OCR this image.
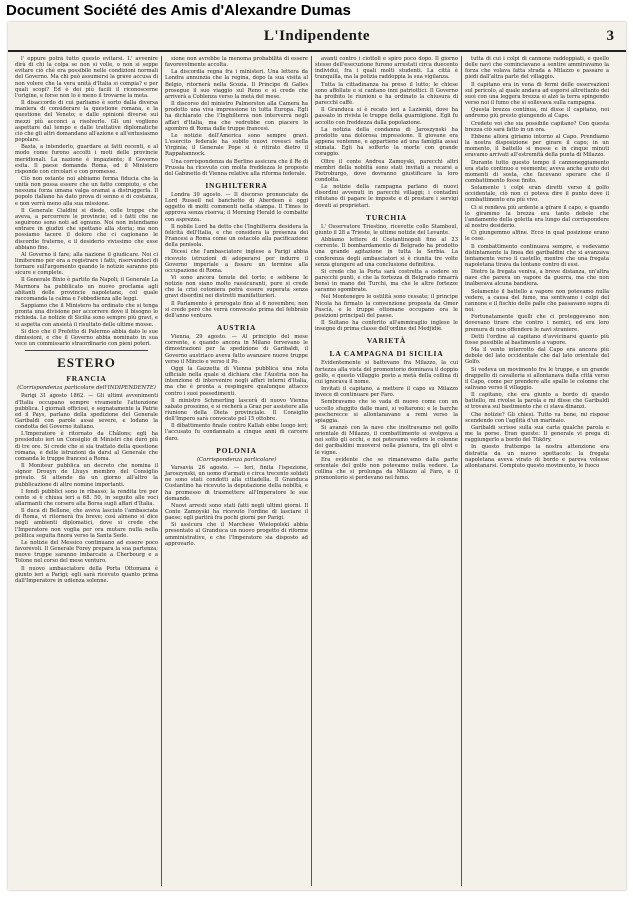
Document Société des Amis d'Alexandre Dumas
L'Indipendente	3

l' eppure potrà tutto questo evitarsi. L' avvenire dirà di chi la colpa se non si volle, o non si seppe evitare ciò chè era possibile nelle condizioni normali del Governo. Ma chi può assumersi la grave accusa di non volere che la vera unità d'Italia si compia? e per quali scopi? Ed è dei più facili il riconoscerne l'origine, e forse non lo è meno il trovarne la meta.

Il disaccordo di cui parliamo è sorto dalla diversa maniera di considerare la questione romana, e la questione del Veneto; e dalle opinioni diverse sui mezzi più acconci a risolverle. Gli uni vogliono aspettare dal tempo e dalle trattative diplomatiche ciò che gli altri domandano all'azione e all'entusiasmo popolare.

Basta, a intenderlo, guardare ai fatti recenti, e al modo come furono accolti i moti delle provincie meridionali. La nazione è impaziente; il Governo esita. Il paese domanda Roma, ed il Ministero risponde con circolari e con promesse.

Ciò non ostante noi abbiamo ferma fiducia che la unità non possa essere che un fatto compiuto, e che nessuna forza umana valga oramai a distruggerla. Il popolo italiano ha dato prova di senno e di costanza, e non verrà meno alla sua missione.

Il Generale Cialdini si diede, colle truppe che aveva, a percorrere le provincie; ed i fatti che ne seguirono sono noti ad ognuno. Noi non intendiamo entrare in giudizi che spettano alla storia; ma non possiamo tacere il dolore che ci cagionano le discordie fraterne, e il desiderio vivissimo che esse abbiano fine.

Al Governo il fare; alla nazione il giudicare. Noi ci limiteremo per ora a registrare i fatti, riservandoci di tornare sull'argomento quando le notizie saranno più sicure e complete.

Il Generale Bixio è partito da Napoli; il Generale La Marmora ha pubblicato un nuovo proclama agli abitanti delle provincie napoletane, col quale raccomanda la calma e l'obbedienza alle leggi.

Sappiamo che il Ministero ha ordinato che si tenga pronta una divisione per accorrere dove il bisogno lo richieda. Le notizie di Sicilia sono sempre più gravi, e si aspetta con ansietà il risultato delle ultime mosse.

Si dice che il Prefetto di Palermo abbia dato le sue dimissioni, e che il Governo abbia nominato in sua vece un commissario straordinario con pieni poteri.

ESTERO
FRANCIA
(Corrispondenza particolare dell'INDIPENDENTE)

Parigi 31 agosto 1862. — Gli ultimi avvenimenti d'Italia occupano sempre vivamente l'attenzione pubblica. I giornali officiosi, e segnatamente la Patrie ed il Pays, parlano della spedizione del Generale Garibaldi con parole assai severe, e lodano la condotta del Governo italiano.

L'Imperatore è ritornato da Châlons; egli ha presieduto ieri un Consiglio di Ministri che durò più di tre ore. Si crede che si sia trattato della questione romana, e delle istruzioni da darsi al Generale che comanda le truppe francesi a Roma.

Il Moniteur pubblica un decreto che nomina il signor Drouyn de Lhuys membro del Consiglio privato. Si attende da un giorno all'altro la pubblicazione di altre nomine importanti.

I fondi pubblici sono in ribasso; la rendita tre per cento si è chiusa ieri a 68. 50, in seguito alle voci allarmanti che corsero alla Borsa sugli affari d'Italia.

Il duca di Bellune, che aveva lasciato l'ambasciata di Roma, vi ritornerà fra breve; così almeno si dice negli ambienti diplomatici, dove si crede che l'Imperatore non voglia per ora mutare nulla nella politica seguita finora verso la Santa Sede.

Le notizie del Messico continuano ad essere poco favorevoli. Il Generale Forey prepara la sua partenza; nuove truppe saranno imbarcate a Cherbourg e a Tolone nel corso del mese venturo.

Il nuovo ambasciatore della Porta Ottomana è giunto ieri a Parigi; egli sarà ricevuto quanto prima dall'Imperatore in udienza solenne.

sione non avrebbe la menoma probabilità di essere favorevolmente accolta.

La discordia regna fra i ministeri. Una lettera da Londra annunzia che la regina, dopo la sua visita al Belgio, ritornerà nella Scozia. Il Principe di Galles prosegue il suo viaggio sul Reno e si crede che arriverà a Coblenza verso la metà del mese.

Il discorso del ministro Palmerston alla Camera ha prodotto una viva impressione in tutta Europa. Egli ha dichiarato che l'Inghilterra non interverrà negli affari d'Italia, ma che vedrebbe con piacere lo sgombro di Roma dalle truppe francesi.

Le notizie dell'America sono sempre gravi. L'esercito federale ha subito nuovi rovesci nella Virginia; il Generale Pope si è ritirato dietro il Rappahannock.

Una corrispondenza da Berlino assicura che il Re di Prussia ha ricevuto con molta freddezza le proposte del Gabinetto di Vienna relative alla riforma federale.

INGHILTERRA

Londra 30 agosto. — Il discorso pronunciato da Lord Russell nel banchetto di Aberdeen è oggi oggetto di molti commenti nella stampa. Il Times lo approva senza riserva; il Morning Herald lo combatte con asprezza.

Il nobile Lord ha detto che l'Inghilterra desidera la felicità dell'Italia, e che considera la presenza dei Francesi a Roma come un ostacolo alla pacificazione della penisola.

Dicesi che l'ambasciatore inglese a Parigi abbia ricevuto istruzioni di adoperarsi per indurre il Governo imperiale a fissare un termine alla occupazione di Roma.

Vi sono ancora tenute del torto; e sebbene le notizie non siano molto rassicuranti, pure si crede che la crisi cotoniera potrà essere superata senza gravi disordini nei distretti manifatturieri.

Il Parlamento è prorogato fino al 6 novembre; non si crede però che verrà convocato prima del febbraio dell'anno venturo.

AUSTRIA

Vienna, 29 agosto. — Al principio del mese corrente, e quando ancora in Milano fervevano le dimostrazioni per la spedizione di Garibaldi, il Governo austriaco aveva fatto avanzare nuove truppe verso il Mincio e verso il Po.

Oggi la Gazzetta di Vienna pubblica una nota ufficiale nella quale si dichiara che l'Austria non ha intenzione di intervenire negli affari interni d'Italia, ma che è pronta a respingere qualunque attacco contro i suoi possedimenti.

Il ministro Schmerling lascerà di nuovo Vienna sabato prossimo, e si recherà a Graz per assistere alla riunione della Dieta provinciale. Il Consiglio dell'Impero sarà convocato pel 15 ottobre.

Il dibattimento finale contro Kallab ebbe luogo ieri; l'accusato fu condannato a cinque anni di carcere duro.

POLONIA
(Corrispondenza particolare)

Varsavia 26 agosto. — Ieri, finita l'ispezione, Jaroszynski, un uomo d'armati e circa trecento soldati ne sono stati condotti alla cittadella. Il Granduca Costantino ha ricevuto la deputazione della nobiltà, e ha promesso di trasmettere all'Imperatore le sue domande.

Nuovi arresti sono stati fatti negli ultimi giorni. Il Conte Zamoyski ha ricevuto l'ordine di lasciare il paese; egli partirà fra pochi giorni per Parigi.

Si assicura che il Marchese Wielopolski abbia presentato al Granduca un nuovo progetto di riforme amministrative, e che l'Imperatore sia disposto ad approvarlo.

avanti contro i ciottoli e spiro poco dopo. Il giorno stesso dell'esecuzione furono arrestati circa duecento individui, fra i quali molti studenti. La città è tranquilla, ma la polizia raddoppia la sua vigilanza.

Tutta la cittadinanza ha preso il lutto; le chiese sono affollate e si cantano inni patriottici. Il Governo ha proibito le riunioni e ha ordinato la chiusura di parecchi caffè.

Il Granduca si è recato ieri a Lazienki, dove ha passato in rivista le truppe della guarnigione. Egli fu accolto con freddezza dalla popolazione.

La notizia della condanna di Jaroszynski ha prodotto una dolorosa impressione. Il giovane era appena ventenne, e appartiene ad una famiglia assai stimata. Egli ha sofferto la morte con grande coraggio.

Oltre il conte Andrea Zamoyski, parecchi altri membri della nobiltà sono stati invitati a recarsi a Pietroburgo, dove dovranno giustificare la loro condotta.

Le notizie della campagna parlano di nuovi disordini avvenuti in parecchi villaggi; i contadini rifiutano di pagare le imposte e di prestare i servigi dovuti ai proprietari.

TURCHIA

L' Osservatore Triestino, ricevette collo Stamboul, giunto il 28 a Trieste, le ultime notizie del Levante.

Abbiamo lettere di Costantinopoli fino al 23 corrente. Il bombardamento di Belgrado ha prodotto una grande agitazione in tutta la Serbia. La conferenza degli ambasciatori si è riunita tre volte senza giungere ad una conclusione definitiva.

Si crede che la Porta sarà costretta a cedere su parecchi punti, e che la fortezza di Belgrado rimarrà bensì in mano dei Turchi, ma che le altre fortezze saranno sgombrate.

Nel Montenegro le ostilità sono cessate; il principe Nicola ha firmato la convenzione proposta da Omer Pascià, e le truppe ottomane occupano ora le posizioni principali del paese.

Il Sultano ha conferito all'ammiraglio inglese le insegne di prima classe dell'ordine del Medjidié.

VARIETÀ
LA CAMPAGNA DI SICILIA

Evidentemente si battevano fra Milazzo, la cui fortezza alla vista del promontorio dominava il doppio golfo, e questo villaggio posto a metà della collina di cui ignorava il nome.

Invitati il capitano, a mettere il capo su Milazzo invece di continuare per Faro.

Sembravamo che io vada di nuovo come con un uccello sfuggito dalle mani, si voltarono; e le barche pescherecce si allontanavano a remi verso la spiaggia.

Si avanzò con la nave che inoltravamo nel golfo orientale di Milazzo, il combattimento si svolgeva a noi sotto gli occhi, e noi potevamo vedere le colonne dei garibaldini muoversi nella pianura, tra gli olivi e le vigne.

Era evidente che se rimanevamo dalla parte orientale del golfo non potevamo nulla vedere. La collina che si prolunga da Milazzo al Faro, e il promontorio si perdevano nel fumo.

tutta di cui i colpi di cannone raddoppiati, e quello delle navi che cominciavano a sentire ammiravamo la forza che volava fatta strada a Milazzo e passare a piedi dall'altra parte del villaggio.

Il capitano era in vena di fermi delle osservazioni sul pericolo, al quale andava ad esporsi altrettanto dei suoi con una leggera brezza si alzò la terra spingendo verso noi il fumo che si sollevava sulla campagna.

Questa brezza continua, mi disse il capitano, noi andremo più presto giungendo al Capo.

Credete voi che sia possibile capitano? Con questa brezza ciò sarà fatto in un ora.

Ebbene allora giriamo intorno al Capo. Prendiamo la nostra disposizione per girare il capo; in un momento, il battello si mosse e in cinque minuti eravamo arrivati all'estremità della punta di Milazzo.

Durante tutto questo tempo il cannoneggiamento era stato continuo e veemente; aveva anche avuto dei momenti di sosta, che facevano sperare che il combattimento fosse finito.

Solamente i colpi eran diretti verso il golfo occidentale, ciò non ci poteva dire il punto dove il combattimento era più vivo.

Ci si rendeva più ardente a girare il capo, e quando lo girammo la brezza era tanto debole che l'andamento della goletta era lungo dal corrispondere al nostro desiderio.

Ci giungemmo alfine. Ecco in qual posizione erano le cose.

Il combattimento continuava sempre, e vedevamo distintamente la linea dei garibaldini che si avanzava lentamente verso il castello, mentre che una fregata napoletana tirava da lontano contro di essi.

Dietro la fregata veniva, a breve distanza, un'altra nave che pareva un vapore da guerra, ma che non inalberava alcuna bandiera.

Solamente il battello a vapore non potevamo nulla vedere, a causa del fumo, ma sentivamo i colpi del cannone e il fischio delle palle che passavano sopra di noi.

Fortunatamente quelli che ci proteggevano non dovevano tirare che contro i nemici, ed era loro premura di non offendere le navi straniere.

Detti l'ordine al capitano d'avvicinarsi quanto più fosse possibile al bastimento a vapore.

Ma il vento interrotto dal Capo era ancora più debole del lato occidentale che dal lato orientale del Golfo.

Si vedeva un movimento fra le truppe, e un grande drappello di cavalleria si allontanava dalla città verso il Capo, come per prendere alle spalle le colonne che salivano verso il villaggio.

Il capitano, che era giunto a bordo di questo battello, mi rivolse la parola e mi disse che Garibaldi si trovava sul bastimento che ci stava dinanzi.

Che notizie? Gli chiesi. Tutto va bene, mi rispose scendendo con l'agilità d'un marinaio.

Garibaldi scrisse sulla sua carta qualche parola e me la porse. Eran queste: Il generale vi prega di raggiungerlo a bordo del Tüköry.

In questo frattempo la nostra attenzione era distratta da un nuovo spettacolo: la fregata napoletana aveva virato di bordo e pareva volesse allontanarsi. Compiuto questo movimento, le fuoco
